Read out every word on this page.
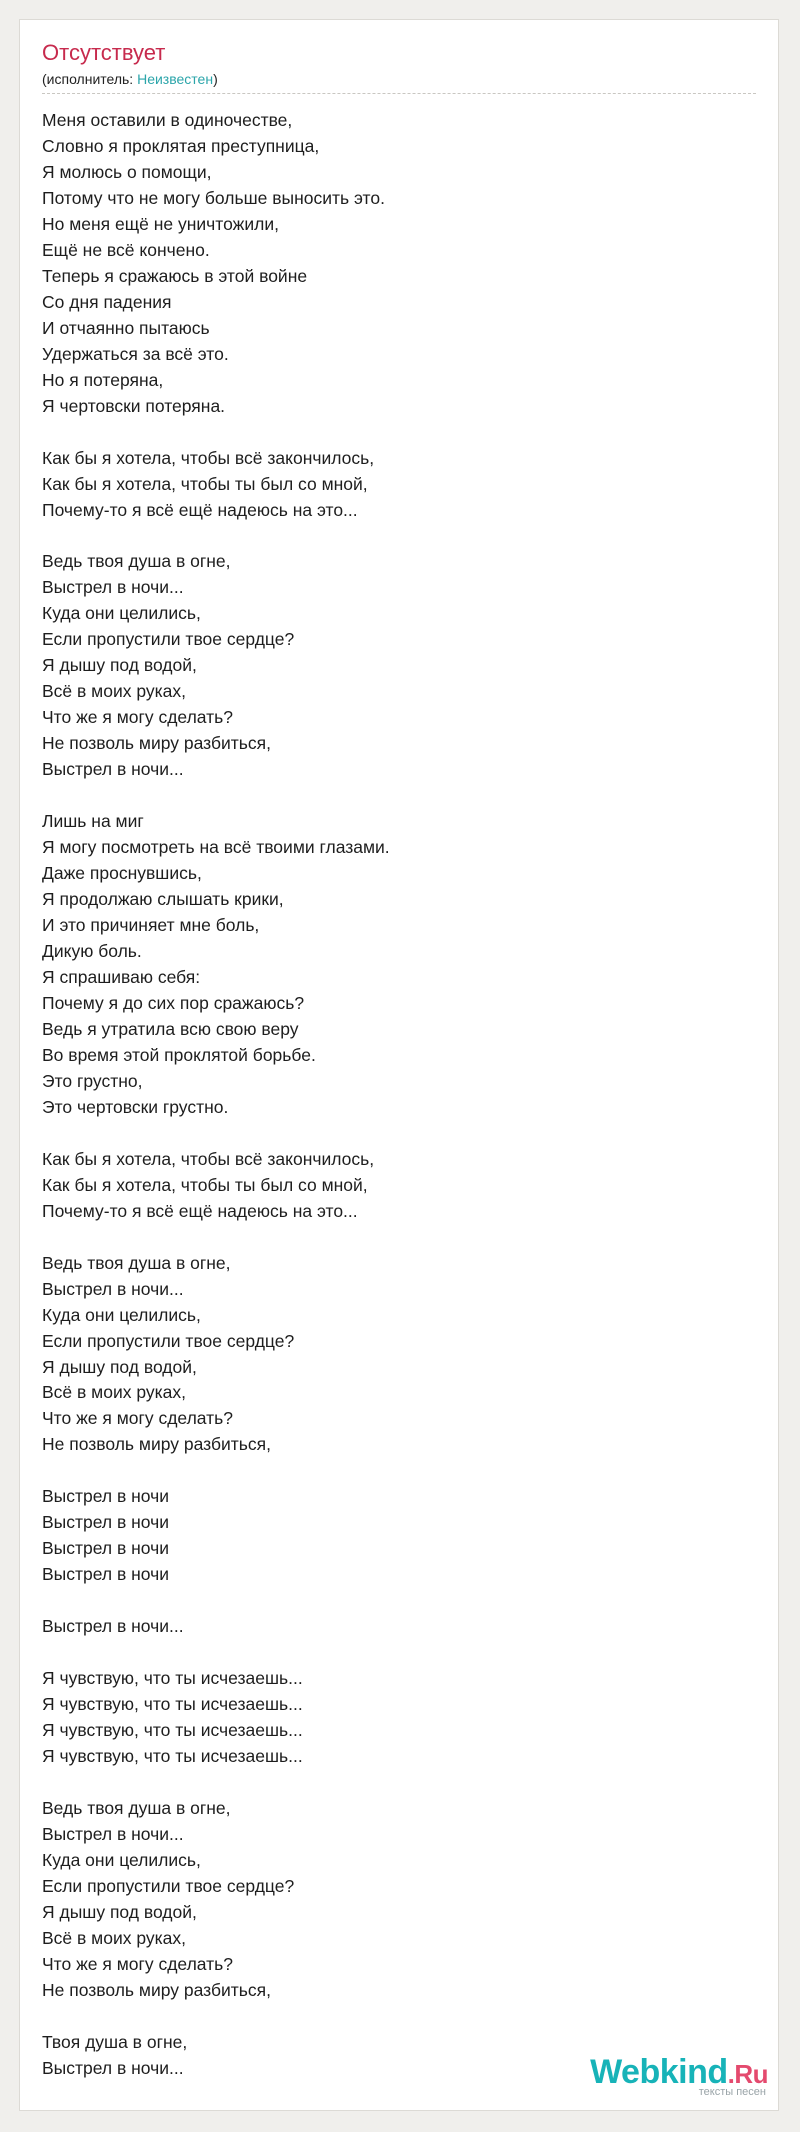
Отсутствует
(исполнитель: Неизвестен)
Меня оставили в одиночестве,
Словно я проклятая преступница,
Я молюсь о помощи,
Потому что не могу больше выносить это.
Но меня ещё не уничтожили,
Ещё не всё кончено.
Теперь я сражаюсь в этой войне
Со дня падения
И отчаянно пытаюсь
Удержаться за всё это.
Но я потеряна,
Я чертовски потеряна.

Как бы я хотела, чтобы всё закончилось,
Как бы я хотела, чтобы ты был со мной,
Почему-то я всё ещё надеюсь на это...

Ведь твоя душа в огне,
Выстрел в ночи...
Куда они целились,
Если пропустили твое сердце?
Я дышу под водой,
Всё в моих руках,
Что же я могу сделать?
Не позволь миру разбиться,
Выстрел в ночи...

Лишь на миг
Я могу посмотреть на всё твоими глазами.
Даже проснувшись,
Я продолжаю слышать крики,
И это причиняет мне боль,
Дикую боль.
Я спрашиваю себя:
Почему я до сих пор сражаюсь?
Ведь я утратила всю свою веру
Во время этой проклятой борьбе.
Это грустно,
Это чертовски грустно.

Как бы я хотела, чтобы всё закончилось,
Как бы я хотела, чтобы ты был со мной,
Почему-то я всё ещё надеюсь на это...

Ведь твоя душа в огне,
Выстрел в ночи...
Куда они целились,
Если пропустили твое сердце?
Я дышу под водой,
Всё в моих руках,
Что же я могу сделать?
Не позволь миру разбиться,

Выстрел в ночи
Выстрел в ночи
Выстрел в ночи
Выстрел в ночи

Выстрел в ночи...

Я чувствую, что ты исчезаешь...
Я чувствую, что ты исчезаешь...
Я чувствую, что ты исчезаешь...
Я чувствую, что ты исчезаешь...

Ведь твоя душа в огне,
Выстрел в ночи...
Куда они целились,
Если пропустили твое сердце?
Я дышу под водой,
Всё в моих руках,
Что же я могу сделать?
Не позволь миру разбиться,

Твоя душа в огне,
Выстрел в ночи...	Webkind.Ru
тексты песен
